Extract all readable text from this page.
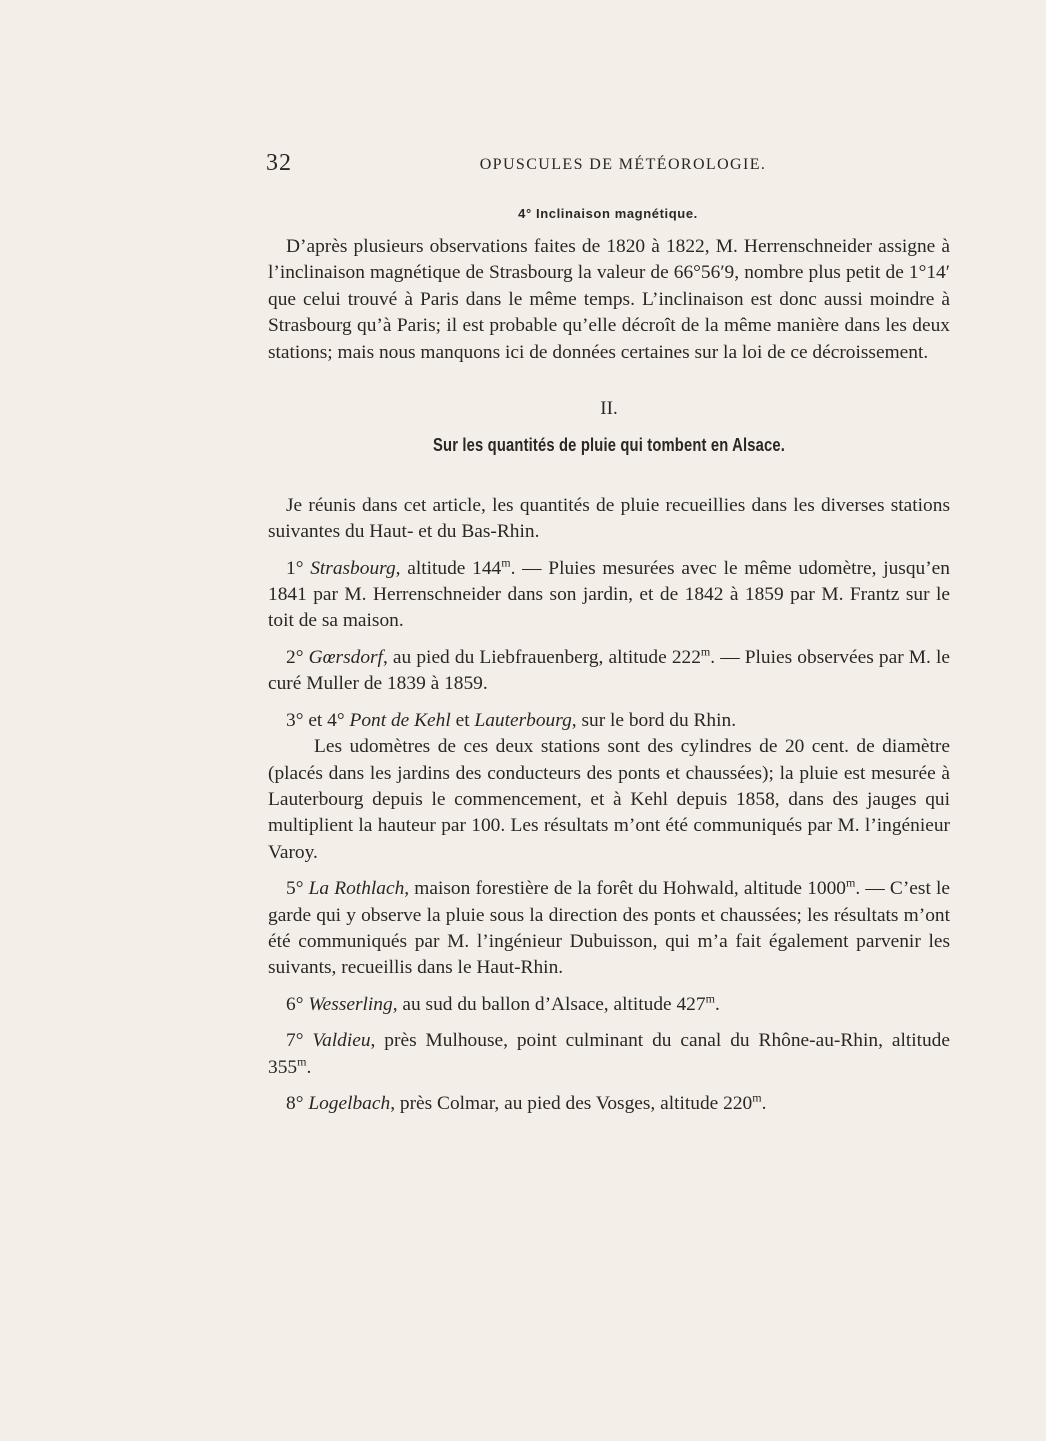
32	OPUSCULES DE MÉTÉOROLOGIE.
4° Inclinaison magnétique.

D’après plusieurs observations faites de 1820 à 1822, M. Herrenschneider assigne à l’inclinaison magnétique de Strasbourg la valeur de 66°56′9, nombre plus petit de 1°14′ que celui trouvé à Paris dans le même temps. L’inclinaison est donc aussi moindre à Strasbourg qu’à Paris; il est probable qu’elle décroît de la même manière dans les deux stations; mais nous manquons ici de données certaines sur la loi de ce décroissement.

II.

Sur les quantités de pluie qui tombent en Alsace.

Je réunis dans cet article, les quantités de pluie recueillies dans les diverses stations suivantes du Haut- et du Bas-Rhin.

1° Strasbourg, altitude 144$^m$. — Pluies mesurées avec le même udomètre, jusqu’en 1841 par M. Herrenschneider dans son jardin, et de 1842 à 1859 par M. Frantz sur le toit de sa maison.

2° Gœrsdorf, au pied du Liebfrauenberg, altitude 222$^m$. — Pluies observées par M. le curé Muller de 1839 à 1859.

3° et 4° Pont de Kehl et Lauterbourg, sur le bord du Rhin.

Les udomètres de ces deux stations sont des cylindres de 20 cent. de diamètre (placés dans les jardins des conducteurs des ponts et chaussées); la pluie est mesurée à Lauterbourg depuis le commencement, et à Kehl depuis 1858, dans des jauges qui multiplient la hauteur par 100. Les résultats m’ont été communiqués par M. l’ingénieur Varoy.

5° La Rothlach, maison forestière de la forêt du Hohwald, altitude 1000$^m$. — C’est le garde qui y observe la pluie sous la direction des ponts et chaussées; les résultats m’ont été communiqués par M. l’ingénieur Dubuisson, qui m’a fait également parvenir les suivants, recueillis dans le Haut-Rhin.

6° Wesserling, au sud du ballon d’Alsace, altitude 427$^m$.

7° Valdieu, près Mulhouse, point culminant du canal du Rhône-au-Rhin, altitude 355$^m$.

8° Logelbach, près Colmar, au pied des Vosges, altitude 220$^m$.
